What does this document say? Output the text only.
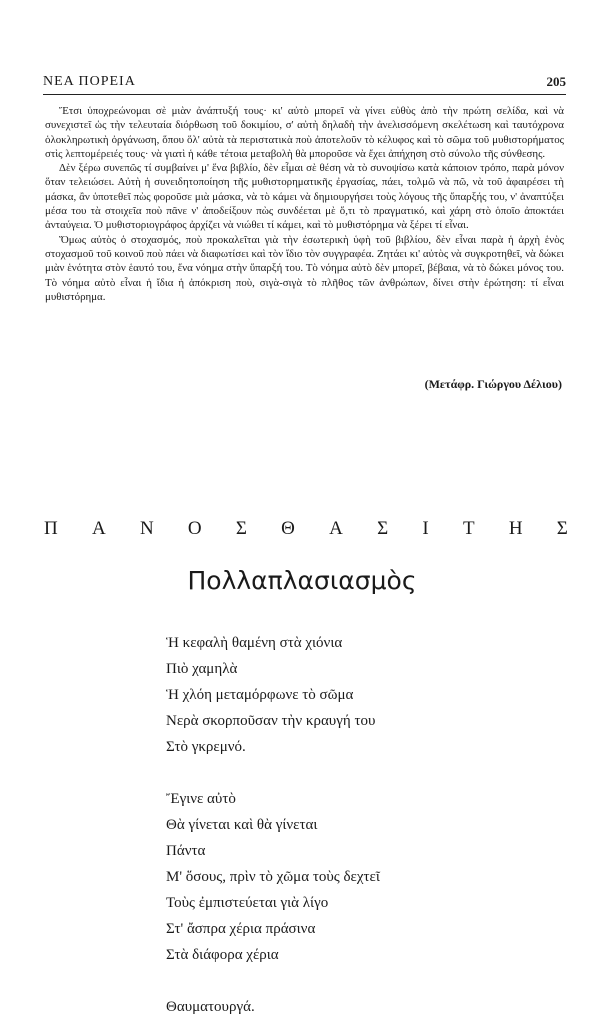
ΝΕΑ ΠΟΡΕΙΑ	205

Ἔτσι ὑποχρεώνομαι σὲ μιὰν ἀνάπτυξή τους· κι' αὐτὸ μπορεῖ νὰ γίνει εὐθὺς ἀπὸ τὴν πρώτη σελίδα, καὶ νὰ συνεχιστεῖ ὡς τὴν τελευταία διόρθωση τοῦ δοκιμίου, σ' αὐτὴ δηλαδὴ τὴν ἀνελισσόμενη σκελέτωση καὶ ταυτόχρονα ὁλοκληρωτικὴ ὀργάνωση, ὅπου ὅλ' αὐτὰ τὰ περιστατικὰ ποὺ ἀποτελοῦν τὸ κέλυφος καὶ τὸ σῶμα τοῦ μυθιστορήματος στὶς λεπτομέρειές τους· νὰ γιατὶ ἡ κάθε τέτοια μεταβολὴ θὰ μποροῦσε νὰ ἔχει ἀπήχηση στὸ σύνολο τῆς σύνθεσης.

Δὲν ξέρω συνεπῶς τί συμβαίνει μ' ἕνα βιβλίο, δὲν εἶμαι σὲ θέση νὰ τὸ συνοψίσω κατὰ κάποιον τρόπο, παρὰ μόνον ὅταν τελειώσει. Αὐτὴ ἡ συνειδητοποίηση τῆς μυθιστορηματικῆς ἐργασίας, πάει, τολμῶ νὰ πῶ, νὰ τοῦ ἀφαιρέσει τὴ μάσκα, ἂν ὑποτεθεῖ πὼς φοροῦσε μιὰ μάσκα, νὰ τὸ κάμει νὰ δημιουργήσει τοὺς λόγους τῆς ὕπαρξής του, ν' ἀναπτύξει μέσα του τὰ στοιχεῖα ποὺ πᾶνε ν' ἀποδείξουν πὼς συνδέεται μὲ ὅ,τι τὸ πραγματικό, καὶ χάρη στὸ ὁποῖο ἀποκτάει ἀνταύγεια. Ὁ μυθιστοριογράφος ἀρχίζει νὰ νιώθει τί κάμει, καὶ τὸ μυθιστόρημα νὰ ξέρει τί εἶναι.

Ὅμως αὐτὸς ὁ στοχασμός, ποὺ προκαλεῖται γιὰ τὴν ἐσωτερικὴ ὑφὴ τοῦ βιβλίου, δὲν εἶναι παρὰ ἡ ἀρχὴ ἑνὸς στοχασμοῦ τοῦ κοινοῦ ποὺ πάει νὰ διαφωτίσει καὶ τὸν ἴδιο τὸν συγγραφέα. Ζητάει κι' αὐτὸς νὰ συγκροτηθεῖ, νὰ δώκει μιὰν ἑνότητα στὸν ἑαυτό του, ἕνα νόημα στὴν ὕπαρξή του. Τὸ νόημα αὐτὸ δὲν μπορεῖ, βέβαια, νὰ τὸ δώκει μόνος του. Τὸ νόημα αὐτὸ εἶναι ἡ ἴδια ἡ ἀπόκριση ποὺ, σιγὰ-σιγὰ τὸ πλῆθος τῶν ἀνθρώπων, δίνει στὴν ἐρώτηση: τί εἶναι μυθιστόρημα.

(Μετάφρ. Γιώργου Δέλιου)
Π Α Ν Ο Σ Θ Α Σ Ι Τ Η Σ
Πολλαπλασιασμὸς
Ἡ κεφαλὴ θαμένη στὰ χιόνια
Πιὸ χαμηλὰ
Ἡ χλόη μεταμόρφωνε τὸ σῶμα
Νερὰ σκορποῦσαν τὴν κραυγή του
Στὸ γκρεμνό.
Ἔγινε αὐτὸ
Θὰ γίνεται καὶ θὰ γίνεται
Πάντα
Μ' ὅσους, πρὶν τὸ χῶμα τοὺς δεχτεῖ
Τοὺς ἐμπιστεύεται γιὰ λίγο
Στ' ἄσπρα χέρια πράσινα
Στὰ διάφορα χέρια
Θαυματουργά.
